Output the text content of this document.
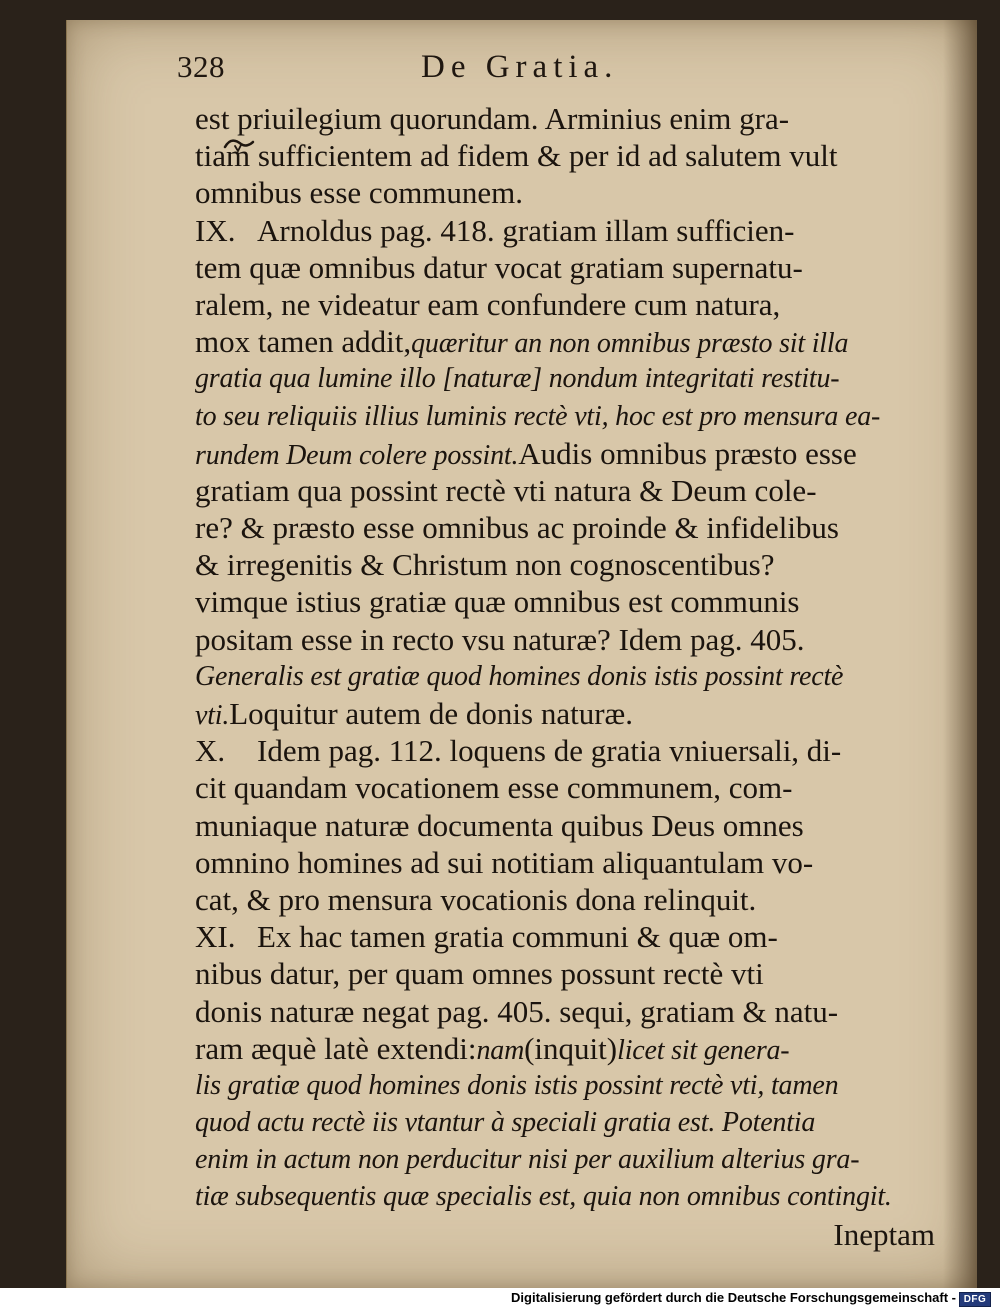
328	De Gratia.
est priuilegium quorundam. Arminius enim gra-
tiam sufficientem ad fidem & per id ad salutem vult
omnibus esse communem.
IX. Arnoldus pag. 418. gratiam illam sufficien-
tem quæ omnibus datur vocat gratiam supernatu-
ralem, ne videatur eam confundere cum natura,
mox tamen addit, quæritur an non omnibus præsto sit illa
gratia qua lumine illo [naturæ] nondum integritati restitu-
to seu reliquiis illius luminis rectè vti, hoc est pro mensura ea-
rundem Deum colere possint. Audis omnibus præsto esse
gratiam qua possint rectè vti natura & Deum cole-
re? & præsto esse omnibus ac proinde & infidelibus
& irregenitis & Christum non cognoscentibus?
vimque istius gratiæ quæ omnibus est communis
positam esse in recto vsu naturæ? Idem pag. 405.
Generalis est gratiæ quod homines donis istis possint rectè
vti. Loquitur autem de donis naturæ.
X.	Idem pag. 112. loquens de gratia vniuersali, di-
cit quandam vocationem esse communem, com-
muniaque naturæ documenta quibus Deus omnes
omnino homines ad sui notitiam aliquantulam vo-
cat, & pro mensura vocationis dona relinquit.
XI. Ex hac tamen gratia communi & quæ om-
nibus datur, per quam omnes possunt rectè vti
donis naturæ negat pag. 405. sequi, gratiam & natu-
ram æquè latè extendi: nam (inquit) licet sit genera-
lis gratiæ quod homines donis istis possint rectè vti, tamen
quod actu rectè iis vtantur à speciali gratia est. Potentia
enim in actum non perducitur nisi per auxilium alterius gra-
tiæ subsequentis quæ specialis est, quia non omnibus contingit.
Ineptam
Digitalisierung gefördert durch die Deutsche Forschungsgemeinschaft - DFG
